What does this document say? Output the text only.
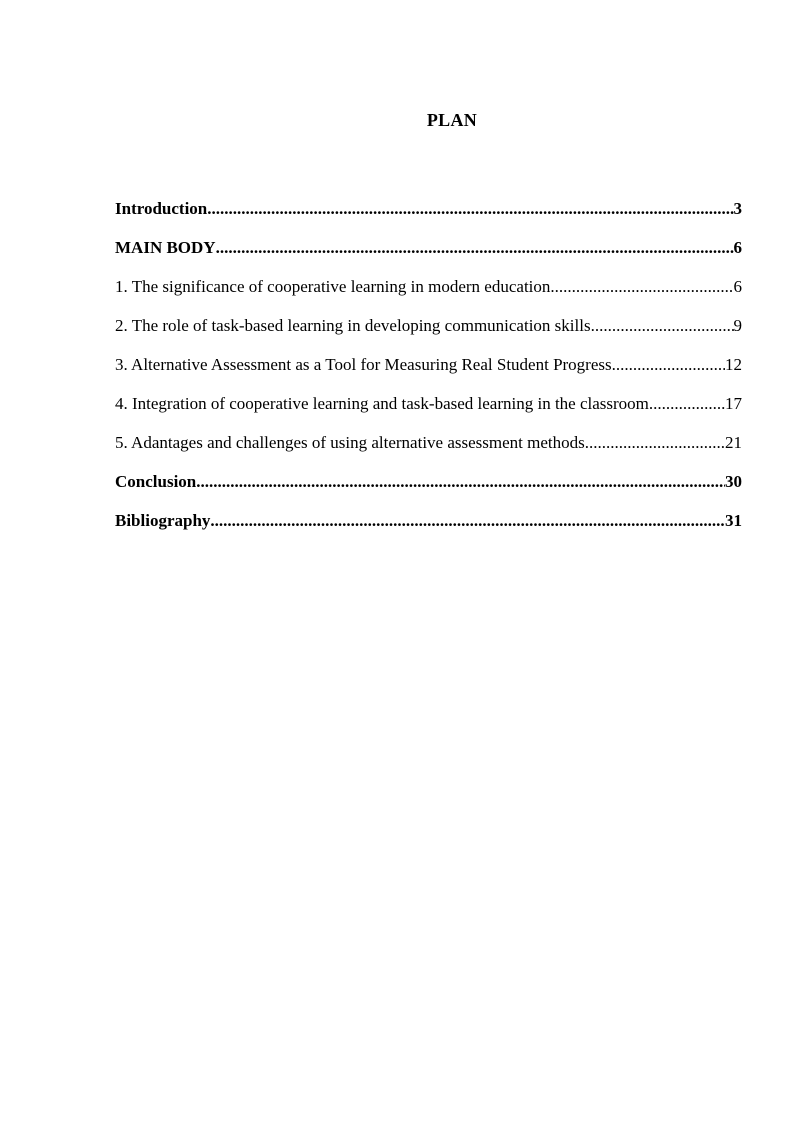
PLAN
Introduction .....	3
MAIN BODY .....	6
1. The significance of cooperative learning in modern education .....	6
2. The role of task-based learning in developing communication skills .....	9
3. Alternative Assessment as a Tool for Measuring Real Student Progress .....	12
4. Integration of cooperative learning and task-based learning in the classroom .....	17
5. Adantages and challenges of using alternative assessment methods .....	21
Conclusion .....	30
Bibliography .....	31
